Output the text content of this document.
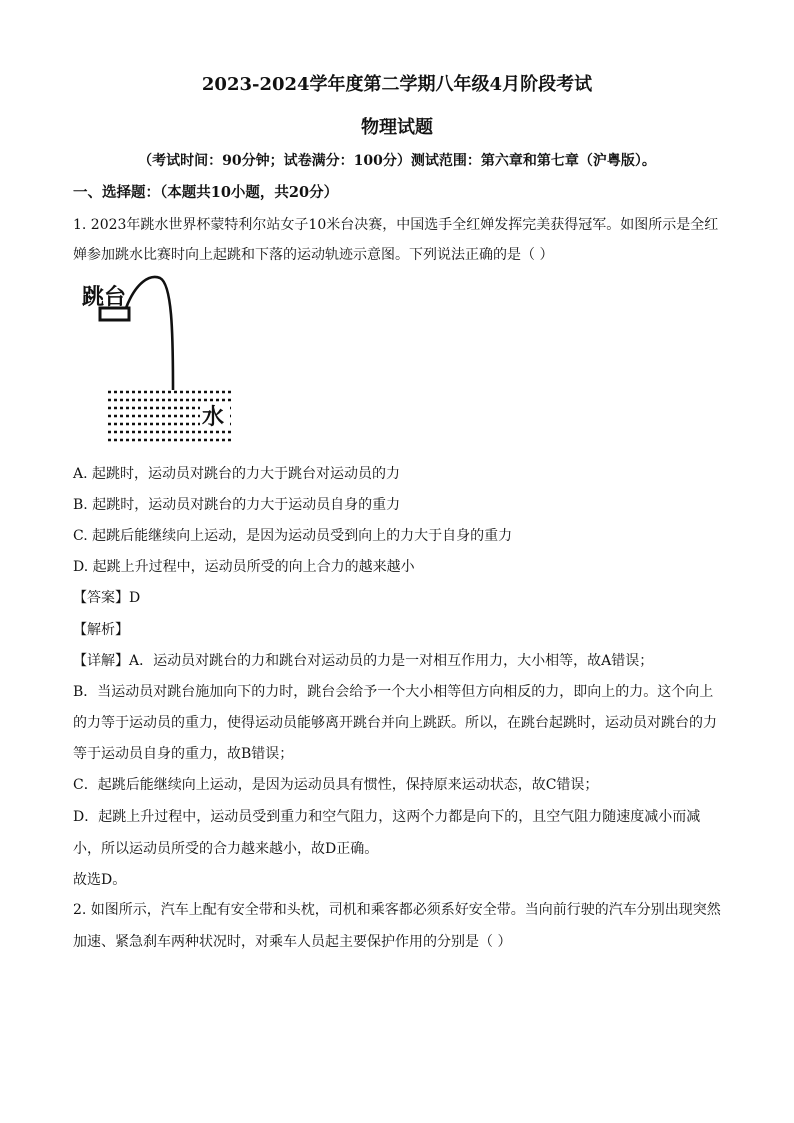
2023-2024学年度第二学期八年级4月阶段考试
物理试题
（考试时间：90分钟；试卷满分：100分）测试范围：第六章和第七章（沪粤版）。
一、选择题：（本题共10小题，共20分）
1. 2023年跳水世界杯蒙特利尔站女子10米台决赛，中国选手全红婵发挥完美获得冠军。如图所示是全红
婵参加跳水比赛时向上起跳和下落的运动轨迹示意图。下列说法正确的是（ ）
跳台
水
A. 起跳时，运动员对跳台的力大于跳台对运动员的力
B. 起跳时，运动员对跳台的力大于运动员自身的重力
C. 起跳后能继续向上运动，是因为运动员受到向上的力大于自身的重力
D. 起跳上升过程中，运动员所受的向上合力的越来越小
【答案】D
【解析】
【详解】A．运动员对跳台的力和跳台对运动员的力是一对相互作用力，大小相等，故A错误；
B．当运动员对跳台施加向下的力时，跳台会给予一个大小相等但方向相反的力，即向上的力。这个向上
的力等于运动员的重力，使得运动员能够离开跳台并向上跳跃。所以，在跳台起跳时，运动员对跳台的力
等于运动员自身的重力，故B错误；
C．起跳后能继续向上运动，是因为运动员具有惯性，保持原来运动状态，故C错误；
D．起跳上升过程中，运动员受到重力和空气阻力，这两个力都是向下的，且空气阻力随速度减小而减
小，所以运动员所受的合力越来越小，故D正确。
故选D。
2. 如图所示，汽车上配有安全带和头枕，司机和乘客都必须系好安全带。当向前行驶的汽车分别出现突然
加速、紧急刹车两种状况时，对乘车人员起主要保护作用的分别是（ ）
